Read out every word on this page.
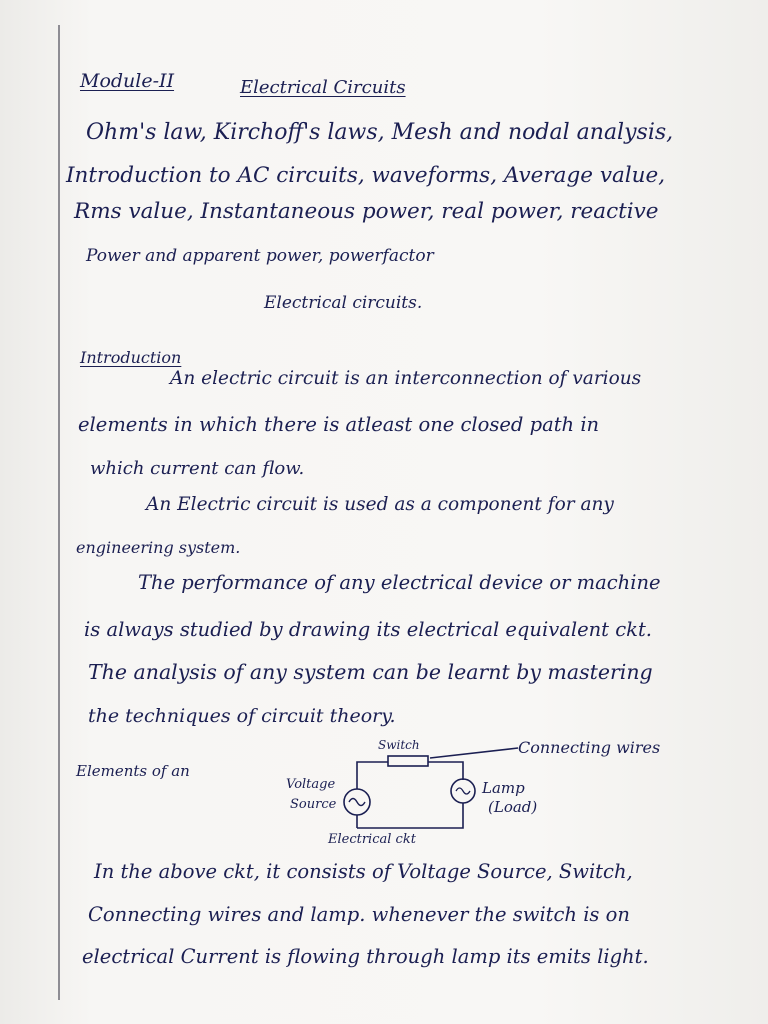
Module-II	Electrical Circuits
Ohm's law, Kirchoff's laws, Mesh and nodal analysis,
Introduction to AC circuits, waveforms, Average value,
Rms value, Instantaneous power, real power, reactive
Power and apparent power, powerfactor
Electrical circuits.
Introduction
An electric circuit is an interconnection of various
elements in which there is atleast one closed path in
which current can flow.
An Electric circuit is used as a component for any
engineering system.
The performance of any electrical device or machine
is always studied by drawing its electrical equivalent ckt.
The analysis of any system can be learnt by mastering
the techniques of circuit theory.
Elements of an
Switch	Connecting wires
Voltage
Source
Lamp
(Load)
Electrical ckt
In the above ckt, it consists of Voltage Source, Switch,
Connecting wires and lamp. whenever the switch is on
electrical Current is flowing through lamp its emits light.
